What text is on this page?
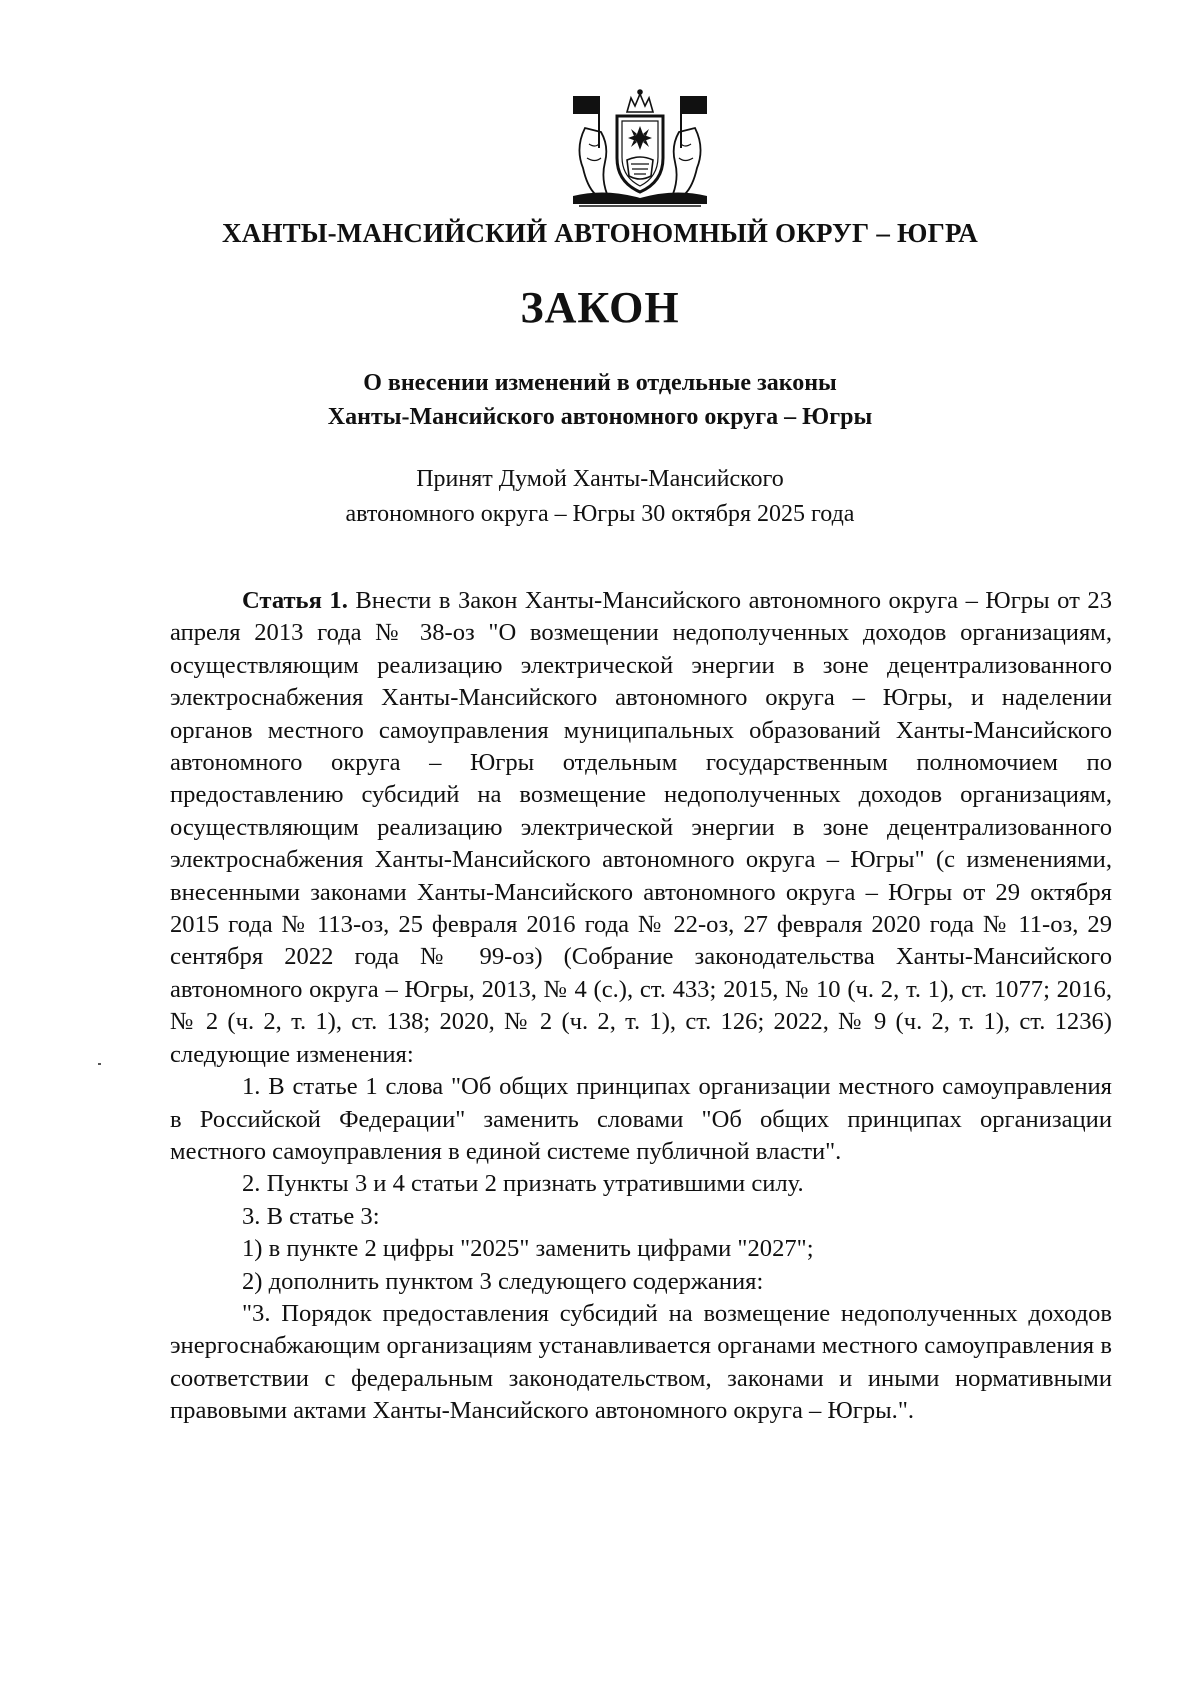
ХАНТЫ-МАНСИЙСКИЙ АВТОНОМНЫЙ ОКРУГ – ЮГРА
ЗАКОН
О внесении изменений в отдельные законы
Ханты-Мансийского автономного округа – Югры
Принят Думой Ханты-Мансийского
автономного округа – Югры 30 октября 2025 года

Статья 1. Внести в Закон Ханты-Мансийского автономного округа – Югры от 23 апреля 2013 года № 38-оз "О возмещении недополученных доходов организациям, осуществляющим реализацию электрической энергии в зоне децентрализованного электроснабжения Ханты-Мансийского автономного округа – Югры, и наделении органов местного самоуправления муниципальных образований Ханты-Мансийского автономного округа – Югры отдельным государственным полномочием по предоставлению субсидий на возмещение недополученных доходов организациям, осуществляющим реализацию электрической энергии в зоне децентрализованного электроснабжения Ханты-Мансийского автономного округа – Югры" (с изменениями, внесенными законами Ханты-Мансийского автономного округа – Югры от 29 октября 2015 года № 113-оз, 25 февраля 2016 года № 22-оз, 27 февраля 2020 года № 11-оз, 29 сентября 2022 года № 99-оз) (Собрание законодательства Ханты-Мансийского автономного округа – Югры, 2013, № 4 (с.), ст. 433; 2015, № 10 (ч. 2, т. 1), ст. 1077; 2016, № 2 (ч. 2, т. 1), ст. 138; 2020, № 2 (ч. 2, т. 1), ст. 126; 2022, № 9 (ч. 2, т. 1), ст. 1236) следующие изменения:

1. В статье 1 слова "Об общих принципах организации местного самоуправления в Российской Федерации" заменить словами "Об общих принципах организации местного самоуправления в единой системе публичной власти".

2. Пункты 3 и 4 статьи 2 признать утратившими силу.

3. В статье 3:

1) в пункте 2 цифры "2025" заменить цифрами "2027";

2) дополнить пунктом 3 следующего содержания:

"3. Порядок предоставления субсидий на возмещение недополученных доходов энергоснабжающим организациям устанавливается органами местного самоуправления в соответствии с федеральным законодательством, законами и иными нормативными правовыми актами Ханты-Мансийского автономного округа – Югры.".
